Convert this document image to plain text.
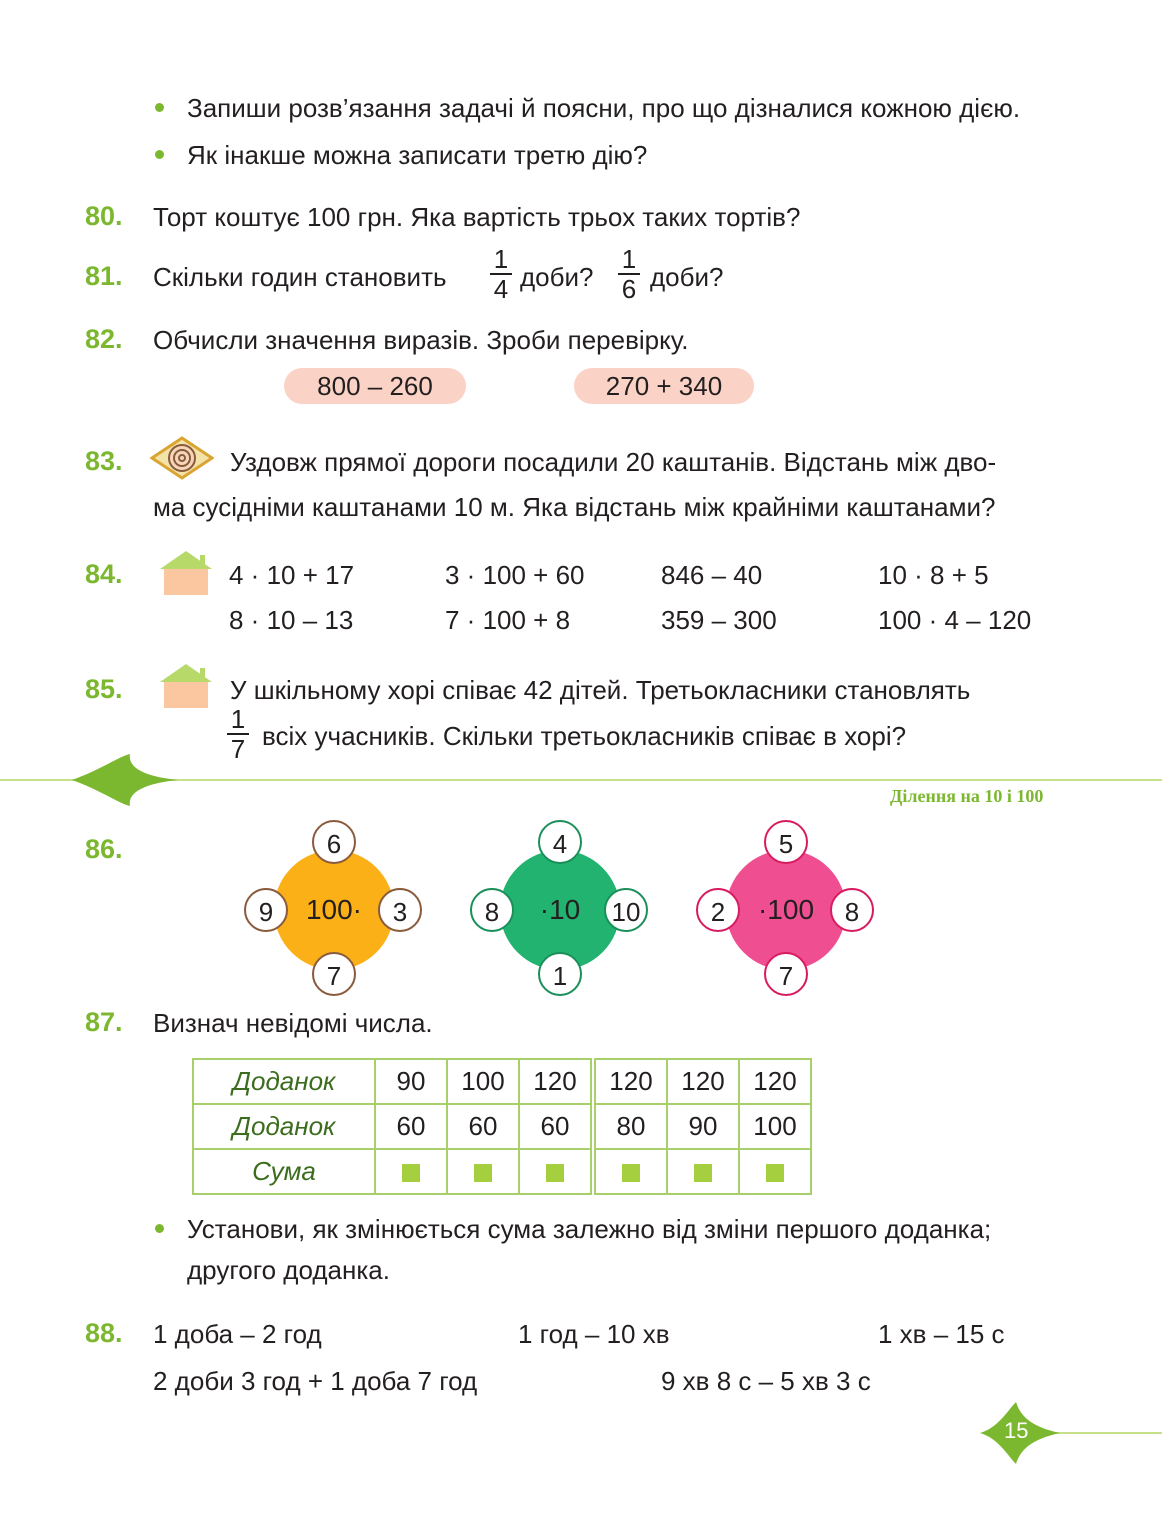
Запиши розв’язання задачі й поясни, про що дізналися кожною дією.
Як інакше можна записати третю дію?
80. Торт коштує 100 грн. Яка вартість трьох таких тортів?
81. Скільки годин становить
1
4 доби?
1
6 доби?
82. Обчисли значення виразів. Зроби перевірку.
800 – 260	270 + 340
83.	Уздовж прямої дороги посадили 20 каштанів. Відстань між дво-
ма сусідніми каштанами 10 м. Яка відстань між крайніми каштанами?
84.	4 · 10 + 17	3 · 100 + 60	846 – 40	10 · 8 + 5
8 · 10 – 13	7 · 100 + 8	359 – 300	100 · 4 – 120
85.	У шкільному хорі співає 42 дітей. Третьокласники становлять
1
7 всіх учасників. Скільки третьокласників співає в хорі?
Ділення на 10 і 100
86.
100·
6
9	3
7
·10
4
8	10
1
·100
5
2	8
7
87. Визнач невідомі числа.
Доданок	90	100	120	120	120	120
Доданок	60	60	60	80	90	100
Сума						
Установи, як змінюється сума залежно від зміни першого доданка;
другого доданка.
88. 1 доба – 2 год	1 год – 10 хв	1 хв – 15 с
2 доби 3 год + 1 доба 7 год	9 хв 8 с – 5 хв 3 с
15
